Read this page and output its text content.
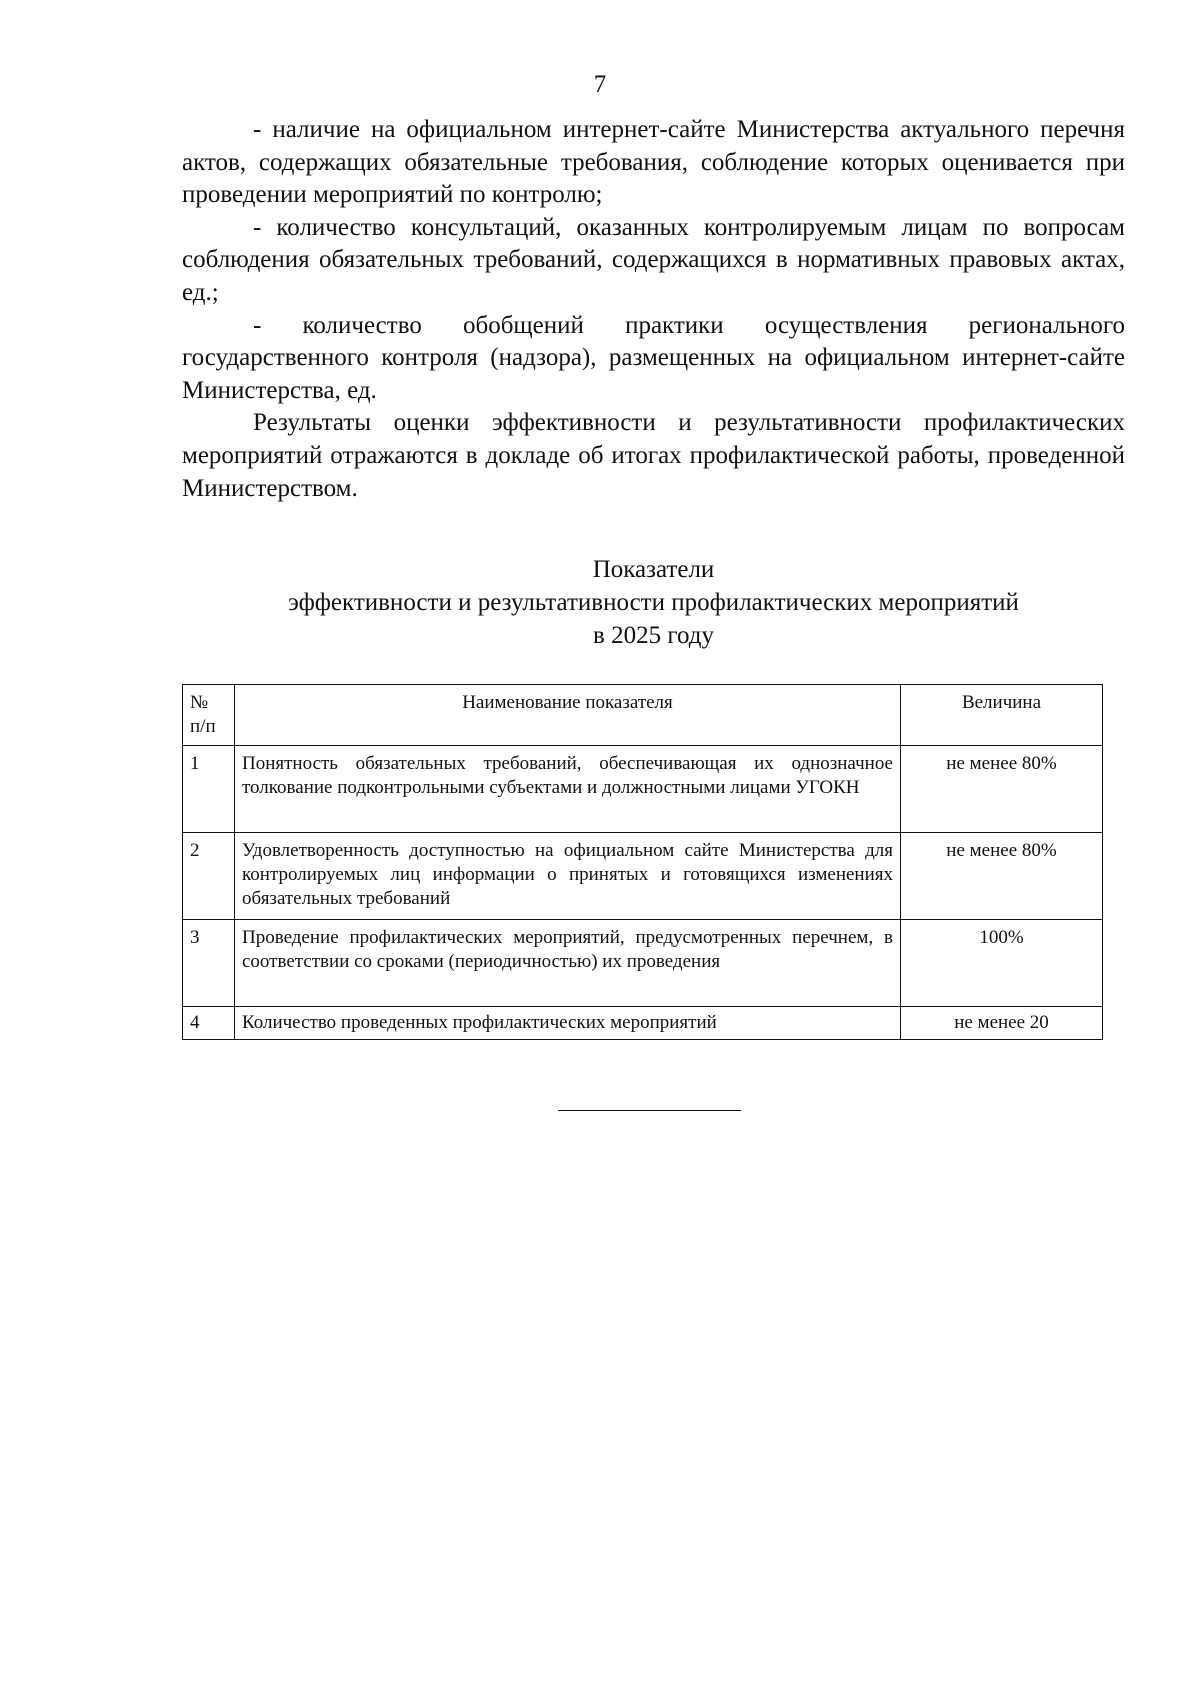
7

- наличие на официальном интернет-сайте Министерства актуального перечня актов, содержащих обязательные требования, соблюдение которых оценивается при проведении мероприятий по контролю;

- количество консультаций, оказанных контролируемым лицам по вопросам соблюдения обязательных требований, содержащихся в нормативных правовых актах, ед.;

- количество обобщений практики осуществления регионального государственного контроля (надзора), размещенных на официальном интернет-сайте Министерства, ед.

Результаты оценки эффективности и результативности профилактических мероприятий отражаются в докладе об итогах профилактической работы, проведенной Министерством.

Показатели
эффективности и результативности профилактических мероприятий
в 2025 году
№ п/п	Наименование показателя	Величина
1	Понятность обязательных требований, обеспечивающая их однозначное толкование подконтрольными субъектами и должностными лицами УГОКН	не менее 80%
2	Удовлетворенность доступностью на официальном сайте Министерства для контролируемых лиц информации о принятых и готовящихся изменениях обязательных требований	не менее 80%
3	Проведение профилактических мероприятий, предусмотренных перечнем, в соответствии со сроками (периодичностью) их проведения	100%
4	Количество проведенных профилактических мероприятий	не менее 20
